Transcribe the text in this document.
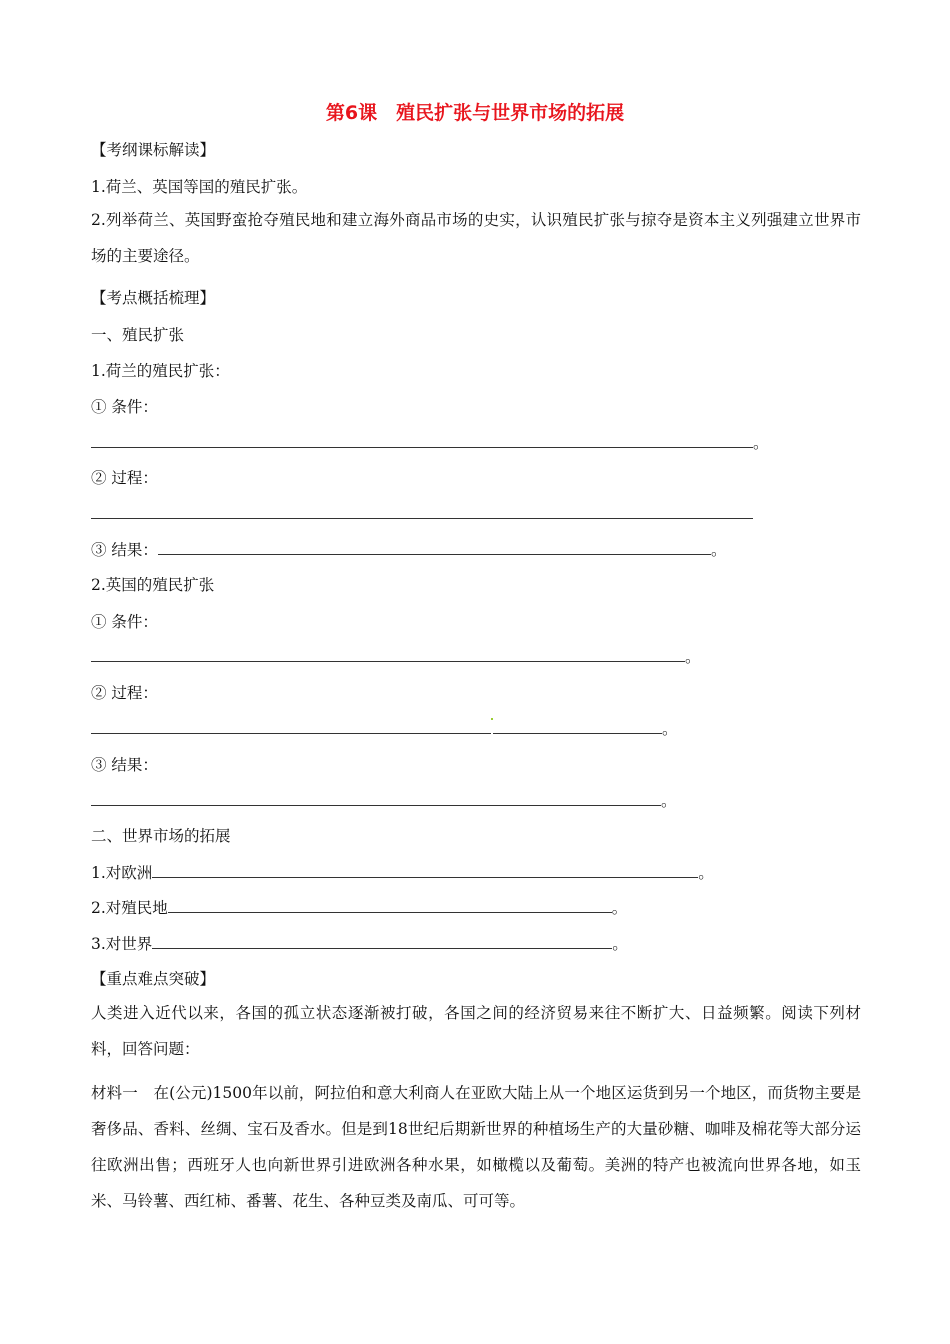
第6课　殖民扩张与世界市场的拓展
【考纲课标解读】
1.荷兰、英国等国的殖民扩张。
2.列举荷兰、英国野蛮抢夺殖民地和建立海外商品市场的史实，认识殖民扩张与掠夺是资本主义列强建立世界市场的主要途径。
【考点概括梳理】
一、殖民扩张
1.荷兰的殖民扩张：
① 条件：
。
② 过程：
③ 结果：	。
2.英国的殖民扩张
① 条件：
。
② 过程：
。
③ 结果：
。
二、世界市场的拓展
1.对欧洲	。
2.对殖民地	。
3.对世界	。
【重点难点突破】
人类进入近代以来，各国的孤立状态逐渐被打破，各国之间的经济贸易来往不断扩大、日益频繁。阅读下列材料，回答问题：
材料一　在(公元)1500年以前，阿拉伯和意大利商人在亚欧大陆上从一个地区运货到另一个地区，而货物主要是奢侈品、香料、丝绸、宝石及香水。但是到18世纪后期新世界的种植场生产的大量砂糖、咖啡及棉花等大部分运往欧洲出售；西班牙人也向新世界引进欧洲各种水果，如橄榄以及葡萄。美洲的特产也被流向世界各地，如玉米、马铃薯、西红柿、番薯、花生、各种豆类及南瓜、可可等。
